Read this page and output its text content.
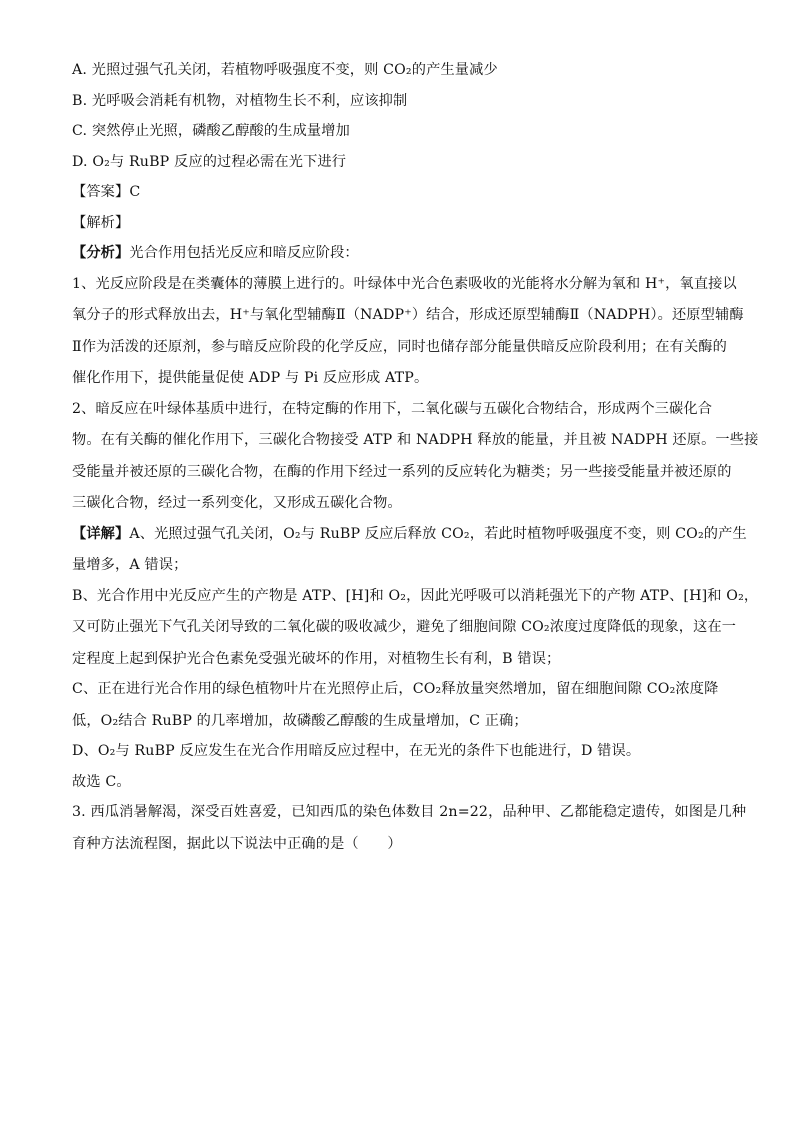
A. 光照过强气孔关闭，若植物呼吸强度不变，则 CO₂的产生量减少
B. 光呼吸会消耗有机物，对植物生长不利，应该抑制
C. 突然停止光照，磷酸乙醇酸的生成量增加
D. O₂与 RuBP 反应的过程必需在光下进行
【答案】C
【解析】
【分析】光合作用包括光反应和暗反应阶段：
1、光反应阶段是在类囊体的薄膜上进行的。叶绿体中光合色素吸收的光能将水分解为氧和 H⁺，氧直接以
氧分子的形式释放出去，H⁺与氧化型辅酶Ⅱ（NADP⁺）结合，形成还原型辅酶Ⅱ（NADPH）。还原型辅酶
Ⅱ作为活泼的还原剂，参与暗反应阶段的化学反应，同时也储存部分能量供暗反应阶段利用；在有关酶的
催化作用下，提供能量促使 ADP 与 Pi 反应形成 ATP。
2、暗反应在叶绿体基质中进行，在特定酶的作用下，二氧化碳与五碳化合物结合，形成两个三碳化合
物。在有关酶的催化作用下，三碳化合物接受 ATP 和 NADPH 释放的能量，并且被 NADPH 还原。一些接
受能量并被还原的三碳化合物，在酶的作用下经过一系列的反应转化为糖类；另一些接受能量并被还原的
三碳化合物，经过一系列变化，又形成五碳化合物。
【详解】A、光照过强气孔关闭，O₂与 RuBP 反应后释放 CO₂，若此时植物呼吸强度不变，则 CO₂的产生
量增多，A 错误；
B、光合作用中光反应产生的产物是 ATP、[H]和 O₂，因此光呼吸可以消耗强光下的产物 ATP、[H]和 O₂，
又可防止强光下气孔关闭导致的二氧化碳的吸收减少，避免了细胞间隙 CO₂浓度过度降低的现象，这在一
定程度上起到保护光合色素免受强光破坏的作用，对植物生长有利，B 错误；
C、正在进行光合作用的绿色植物叶片在光照停止后，CO₂释放量突然增加，留在细胞间隙 CO₂浓度降
低，O₂结合 RuBP 的几率增加，故磷酸乙醇酸的生成量增加，C 正确；
D、O₂与 RuBP 反应发生在光合作用暗反应过程中，在无光的条件下也能进行，D 错误。
故选 C。
3. 西瓜消暑解渴，深受百姓喜爱，已知西瓜的染色体数目 2n=22，品种甲、乙都能稳定遗传，如图是几种
育种方法流程图，据此以下说法中正确的是（　　）
